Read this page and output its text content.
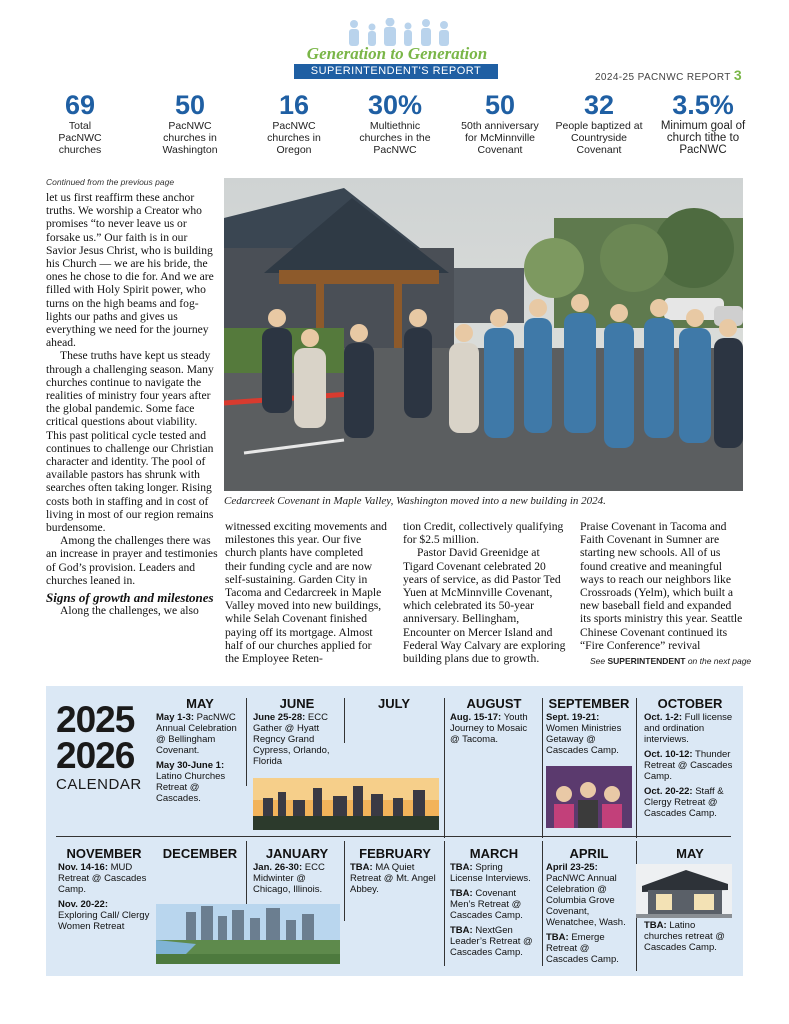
Generation to Generation
SUPERINTENDENT'S REPORT
2024-25 PACNWC REPORT 3
69
Total PacNWC churches
50
PacNWC churches in Washington
16
PacNWC churches in Oregon
30%
Multiethnic churches in the PacNWC
50
50th anniversary for McMinnville Covenant
32
People baptized at Countryside Covenant
3.5%
Minimum goal of church tithe to PacNWC
Continued from the previous page

let us first reaffirm these anchor truths. We worship a Creator who promises “to never leave us or forsake us.” Our faith is in our Savior Jesus Christ, who is building his Church — we are his bride, the ones he chose to die for. And we are filled with Holy Spirit power, who turns on the high beams and fog-lights our paths and gives us everything we need for the journey ahead.

These truths have kept us steady through a challenging season. Many churches continue to navigate the realities of ministry four years after the global pandemic. Some face critical questions about viability. This past political cycle tested and continues to challenge our Christian character and identity. The pool of available pastors has shrunk with searches often taking longer. Rising costs both in staffing and in cost of living in most of our region remains burdensome.

Among the challenges there was an increase in prayer and testimonies of God’s provision. Leaders and churches leaned in.

Signs of growth and milestones

Along the challenges, we also

Cedarcreek Covenant in Maple Valley, Washington moved into a new building in 2024.

witnessed exciting movements and milestones this year. Our five church plants have completed their funding cycle and are now self-sustaining. Garden City in Tacoma and Cedarcreek in Maple Valley moved into new buildings, while Selah Covenant finished paying off its mortgage. Almost half of our churches applied for the Employee Reten-

tion Credit, collectively qualifying for $2.5 million.

Pastor David Greenidge at Tigard Covenant celebrated 20 years of service, as did Pastor Ted Yuen at McMinnville Covenant, which celebrated its 50-year anniversary. Bellingham, Encounter on Mercer Island and Federal Way Calvary are exploring building plans due to growth.

Praise Covenant in Tacoma and Faith Covenant in Sumner are starting new schools. All of us found creative and meaningful ways to reach our neighbors like Crossroads (Yelm), which built a new baseball field and expanded its sports ministry this year. Seattle Chinese Covenant continued its “Fire Conference” revival

See SUPERINTENDENT on the next page
2025
2026
CALENDAR
MAY

May 1-3: PacNWC Annual Celebration @ Bellingham Covenant.

May 30-June 1: Latino Churches Retreat @ Cascades.

JUNE

June 25-28: ECC Gather @ Hyatt Regncy Grand Cypress, Orlando, Florida

JULY	AUGUST

Aug. 15-17: Youth Journey to Mosaic @ Tacoma.

SEPTEMBER

Sept. 19-21: Women Ministries Getaway @ Cascades Camp.

OCTOBER

Oct. 1-2: Full license and ordination interviews.

Oct. 10-12: Thunder Retreat @ Cascades Camp.

Oct. 20-22: Staff & Clergy Retreat @ Cascades Camp.

NOVEMBER

Nov. 14-16: MUD Retreat @ Cascades Camp.

Nov. 20-22: Exploring Call/ Clergy Women Retreat

DECEMBER	JANUARY

Jan. 26-30: ECC Midwinter @ Chicago, Illinois.

FEBRUARY

TBA: MA Quiet Retreat @ Mt. Angel Abbey.

MARCH

TBA: Spring License Interviews.

TBA: Covenant Men’s Retreat @ Cascades Camp.

TBA: NextGen Leader’s Retreat @ Cascades Camp.

APRIL

April 23-25: PacNWC Annual Celebration @ Columbia Grove Covenant, Wenatchee, Wash.

TBA: Emerge Retreat @ Cascades Camp.

MAY

TBA: Latino churches retreat @ Cascades Camp.
